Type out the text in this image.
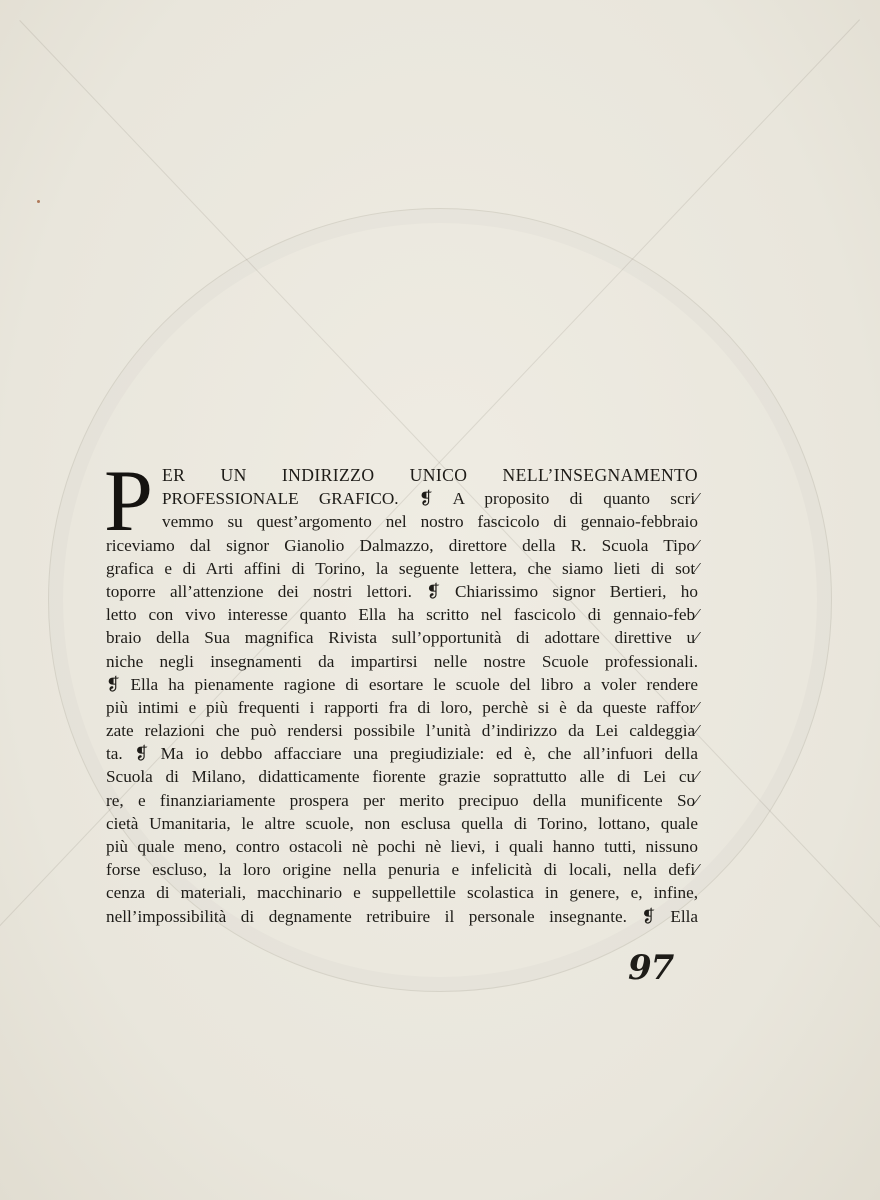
P ER UN INDIRIZZO UNICO NELL’INSEGNAMENTO
PROFESSIONALE GRAFICO. ❡ A proposito di quanto scri⁄
vemmo su quest’argomento nel nostro fascicolo di gennaio-febbraio
riceviamo dal signor Gianolio Dalmazzo, direttore della R. Scuola Tipo⁄
grafica e di Arti affini di Torino, la seguente lettera, che siamo lieti di sot⁄
toporre all’attenzione dei nostri lettori. ❡ Chiarissimo signor Bertieri, ho
letto con vivo interesse quanto Ella ha scritto nel fascicolo di gennaio-feb⁄
braio della Sua magnifica Rivista sull’opportunità di adottare direttive u⁄
niche negli insegnamenti da impartirsi nelle nostre Scuole professionali.
❡ Ella ha pienamente ragione di esortare le scuole del libro a voler rendere
più intimi e più frequenti i rapporti fra di loro, perchè si è da queste raffor⁄
zate relazioni che può rendersi possibile l’unità d’indirizzo da Lei caldeggia⁄
ta. ❡ Ma io debbo affacciare una pregiudiziale: ed è, che all’infuori della
Scuola di Milano, didatticamente fiorente grazie soprattutto alle di Lei cu⁄
re, e finanziariamente prospera per merito precipuo della munificente So⁄
cietà Umanitaria, le altre scuole, non esclusa quella di Torino, lottano, quale
più quale meno, contro ostacoli nè pochi nè lievi, i quali hanno tutti, nissuno
forse escluso, la loro origine nella penuria e infelicità di locali, nella defi⁄
cenza di materiali, macchinario e suppellettile scolastica in genere, e, infine,
nell’impossibilità di degnamente retribuire il personale insegnante. ❡ Ella
97
